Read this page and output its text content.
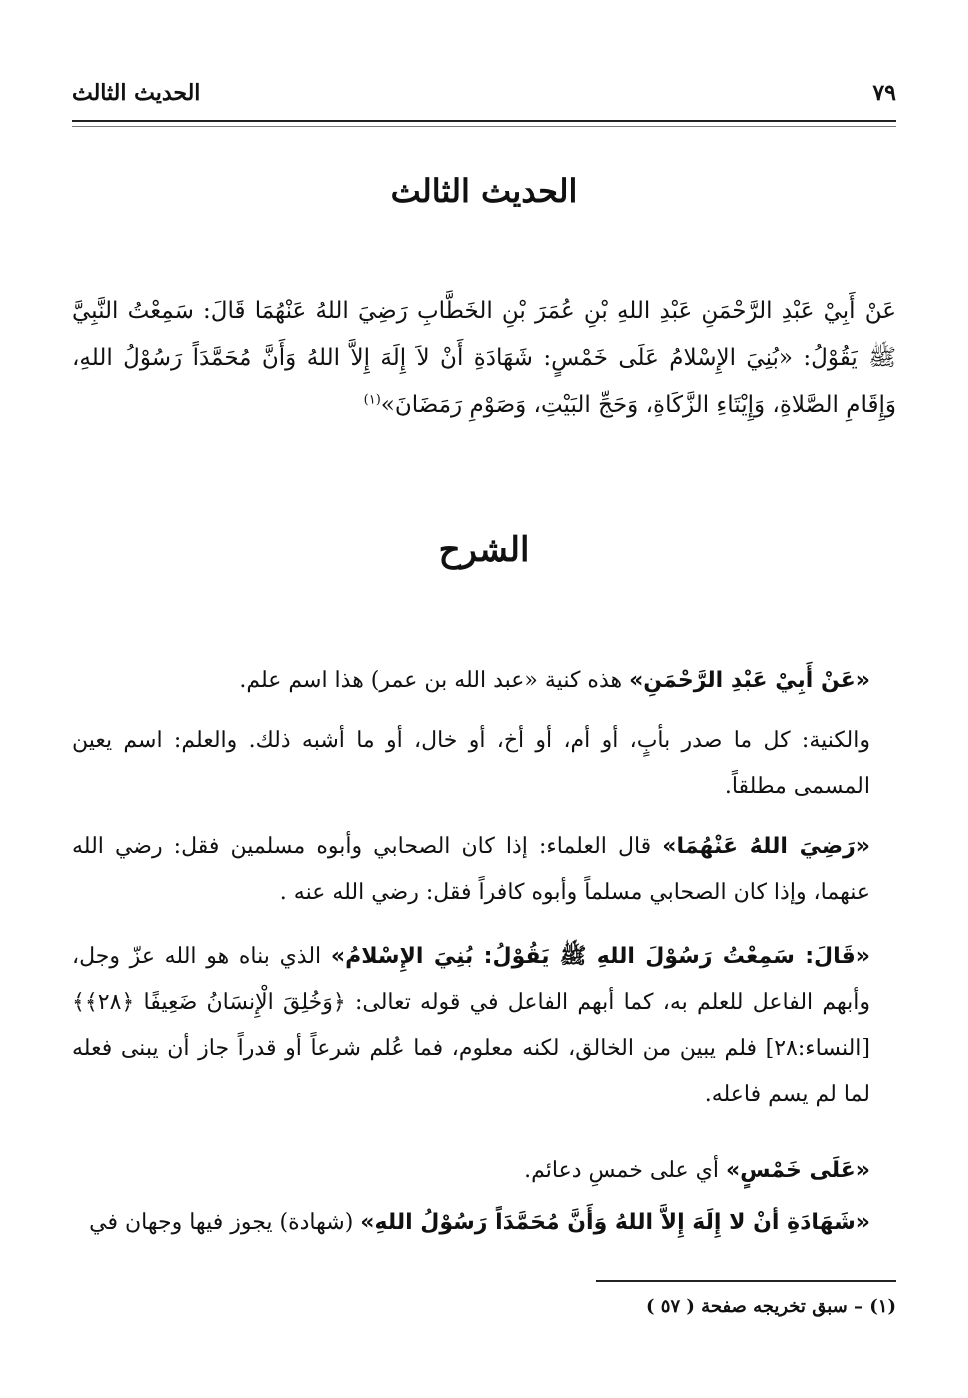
الحديث الثالث	٧٩
الحديث الثالث
عَنْ أَبِيْ عَبْدِ الرَّحْمَنِ عَبْدِ اللهِ بْنِ عُمَرَ بْنِ الخَطَّابِ رَضِيَ اللهُ عَنْهُمَا قَالَ: سَمِعْتُ النَّبِيَّ ﷺ يَقُوْلُ: «بُنِيَ الإِسْلامُ عَلَى خَمْسٍ: شَهَادَةِ أَنْ لاَ إِلَهَ إِلاَّ اللهُ وَأَنَّ مُحَمَّدَاً رَسُوْلُ اللهِ، وَإِقَامِ الصَّلاةِ، وَإِيْتَاءِ الزَّكَاةِ، وَحَجِّ البَيْتِ، وَصَوْمِ رَمَضَانَ»$^{(١)}$
الشرح
«عَنْ أَبِيْ عَبْدِ الرَّحْمَنِ» هذه كنية «عبد الله بن عمر) هذا اسم علم.
والكنية: كل ما صدر بأبٍ، أو أم، أو أخ، أو خال، أو ما أشبه ذلك. والعلم: اسم يعين المسمى مطلقاً.
«رَضِيَ اللهُ عَنْهُمَا» قال العلماء: إذا كان الصحابي وأبوه مسلمين فقل: رضي الله عنهما، وإذا كان الصحابي مسلماً وأبوه كافراً فقل: رضي الله عنه .
«قَالَ: سَمِعْتُ رَسُوْلَ اللهِ ﷺ يَقُوْلُ: بُنِيَ الإِسْلامُ» الذي بناه هو الله عزّ وجل، وأبهم الفاعل للعلم به، كما أبهم الفاعل في قوله تعالى: ﴿وَخُلِقَ الْإِنسَانُ ضَعِيفًا ﴿٢٨﴾﴾ [النساء:٢٨] فلم يبين من الخالق، لكنه معلوم، فما عُلم شرعاً أو قدراً جاز أن يبنى فعله لما لم يسم فاعله.
«عَلَى خَمْسٍ» أي على خمسِ دعائم.
«شَهَادَةِ أنْ لا إِلَهَ إِلاَّ اللهُ وَأَنَّ مُحَمَّدَاً رَسُوْلُ اللهِ» (شهادة) يجوز فيها وجهان في
(١) – سبق تخريجه صفحة ( ٥٧ )
